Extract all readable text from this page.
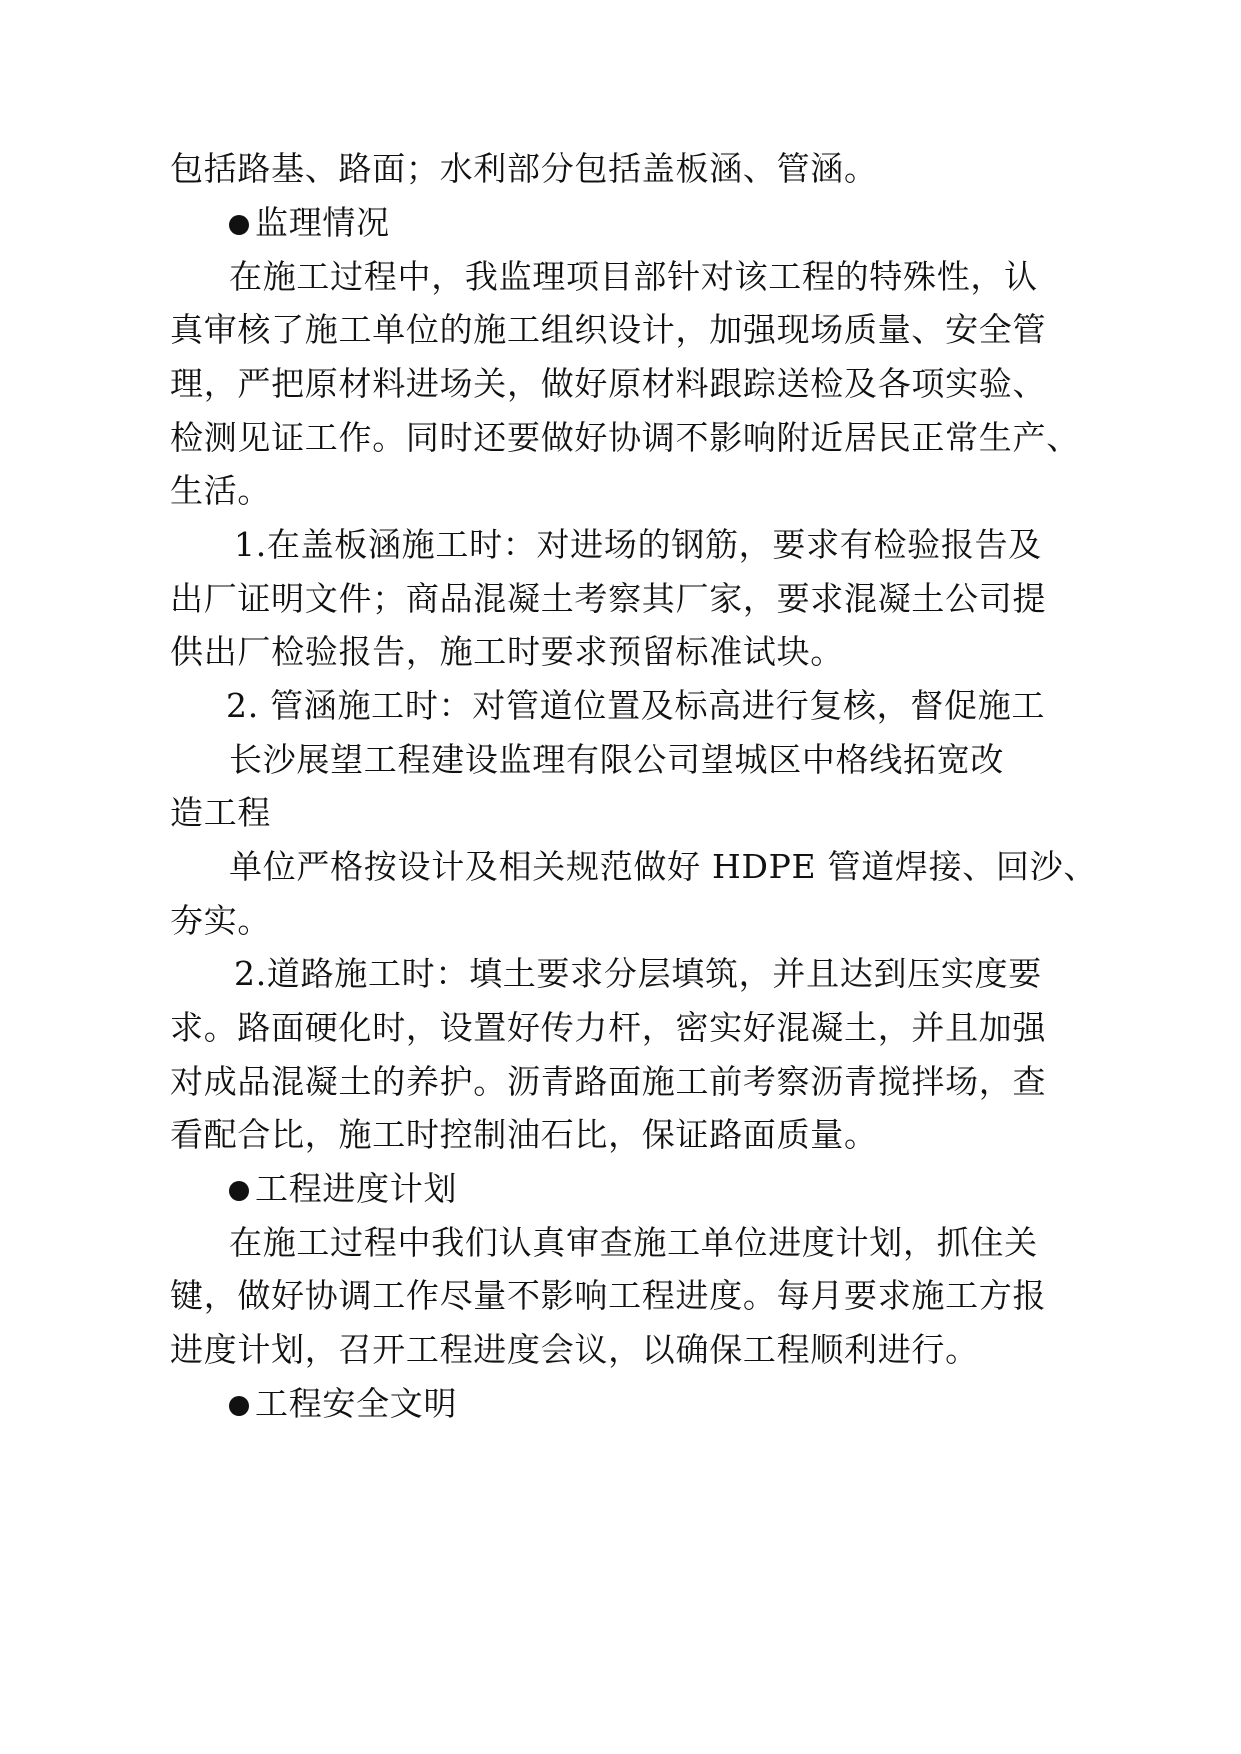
包括路基、路面；水利部分包括盖板涵、管涵。
监理情况
在施工过程中，我监理项目部针对该工程的特殊性，认
真审核了施工单位的施工组织设计，加强现场质量、安全管
理，严把原材料进场关，做好原材料跟踪送检及各项实验、
检测见证工作。同时还要做好协调不影响附近居民正常生产、
生活。
1.在盖板涵施工时：对进场的钢筋，要求有检验报告及
出厂证明文件；商品混凝土考察其厂家，要求混凝土公司提
供出厂检验报告，施工时要求预留标准试块。
2. 管涵施工时：对管道位置及标高进行复核，督促施工
长沙展望工程建设监理有限公司望城区中格线拓宽改
造工程
单位严格按设计及相关规范做好 HDPE 管道焊接、回沙、
夯实。
2.道路施工时：填土要求分层填筑，并且达到压实度要
求。路面硬化时，设置好传力杆，密实好混凝土，并且加强
对成品混凝土的养护。沥青路面施工前考察沥青搅拌场，查
看配合比，施工时控制油石比，保证路面质量。
工程进度计划
在施工过程中我们认真审查施工单位进度计划，抓住关
键，做好协调工作尽量不影响工程进度。每月要求施工方报
进度计划，召开工程进度会议，以确保工程顺利进行。
工程安全文明
